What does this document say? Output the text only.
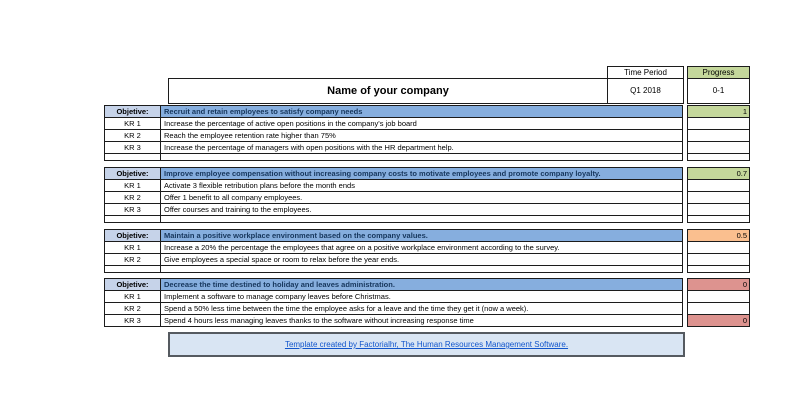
Time Period	Progress
Name of your company	Q1 2018	0-1
Objetive:	Recruit and retain employees to satisfy company needs	1
KR 1	Increase the percentage of active open positions in the company's job board
KR 2	Reach the employee retention rate higher than 75%
KR 3	Increase the percentage of managers with open positions with the HR department help.
Objetive:	Improve employee compensation without increasing company costs to motivate employees and promote company loyalty.	0.7
KR 1	Activate 3 flexible retribution plans before the month ends
KR 2	Offer 1 benefit to all company employees.
KR 3	Offer courses and training to the employees.
Objetive:	Maintain a positive workplace environment based on the company values.	0.5
KR 1	Increase a 20% the percentage the employees that agree on a positive workplace environment according to the survey.
KR 2	Give employees a special space or room to relax before the year ends.
Objetive:	Decrease the time destined to holiday and leaves administration.	0
KR 1	Implement a software to manage company leaves before Christmas.
KR 2	Spend a 50% less time between the time the employee asks for a leave and the time they get it (now a week).
KR 3	Spend 4 hours less managing leaves thanks to the software without increasing response time	0
Template created by Factorialhr, The Human Resources Management Software.
